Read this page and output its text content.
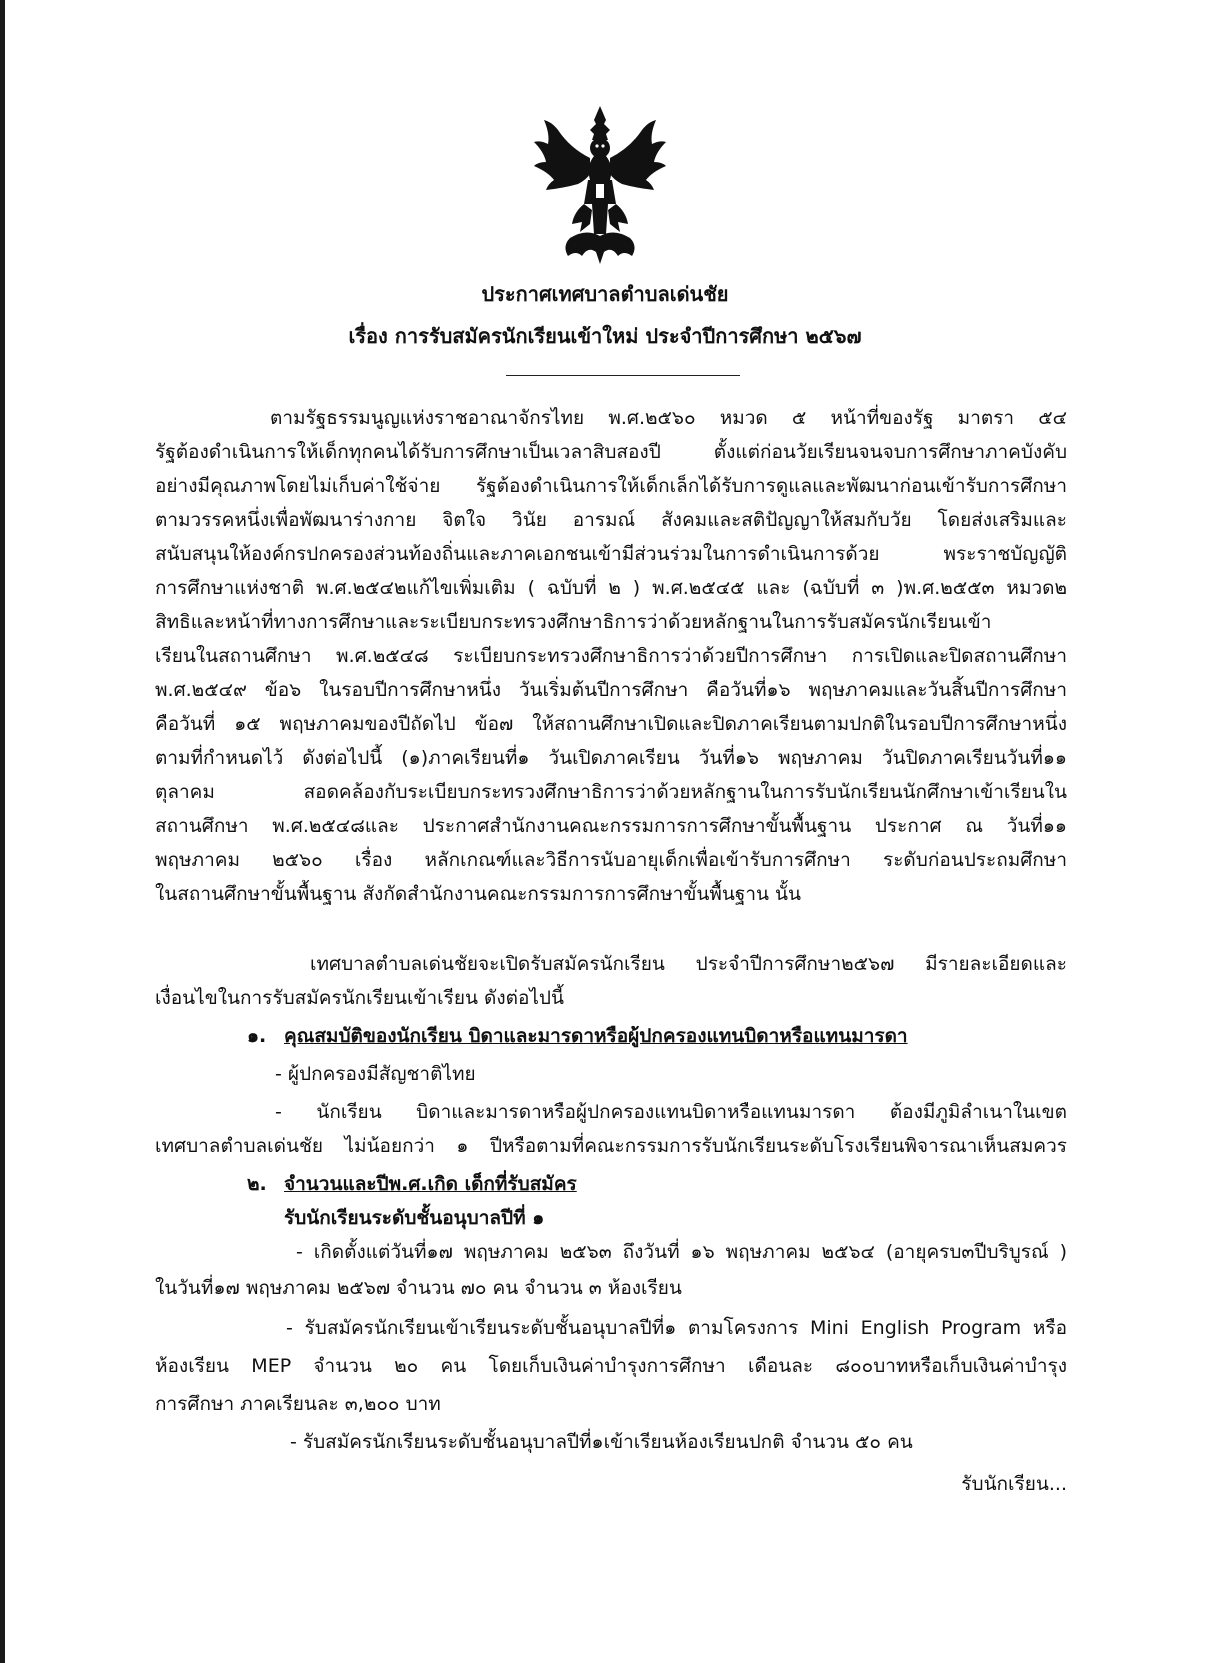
ประกาศเทศบาลตำบลเด่นชัย
เรื่อง การรับสมัครนักเรียนเข้าใหม่ ประจำปีการศึกษา ๒๕๖๗
ตามรัฐธรรมนูญแห่งราชอาณาจักรไทย พ.ศ.๒๕๖๐ หมวด ๕ หน้าที่ของรัฐ มาตรา ๕๔
รัฐต้องดำเนินการให้เด็กทุกคนได้รับการศึกษาเป็นเวลาสิบสองปี ตั้งแต่ก่อนวัยเรียนจนจบการศึกษาภาคบังคับ
อย่างมีคุณภาพโดยไม่เก็บค่าใช้จ่าย รัฐต้องดำเนินการให้เด็กเล็กได้รับการดูแลและพัฒนาก่อนเข้ารับการศึกษา
ตามวรรคหนึ่งเพื่อพัฒนาร่างกาย จิตใจ วินัย อารมณ์ สังคมและสติปัญญาให้สมกับวัย โดยส่งเสริมและ
สนับสนุนให้องค์กรปกครองส่วนท้องถิ่นและภาคเอกชนเข้ามีส่วนร่วมในการดำเนินการด้วย พระราชบัญญัติ
การศึกษาแห่งชาติ พ.ศ.๒๕๔๒แก้ไขเพิ่มเติม ( ฉบับที่ ๒ ) พ.ศ.๒๕๔๕ และ (ฉบับที่ ๓ )พ.ศ.๒๕๕๓ หมวด๒
สิทธิและหน้าที่ทางการศึกษาและระเบียบกระทรวงศึกษาธิการว่าด้วยหลักฐานในการรับสมัครนักเรียนเข้า
เรียนในสถานศึกษา พ.ศ.๒๕๔๘ ระเบียบกระทรวงศึกษาธิการว่าด้วยปีการศึกษา การเปิดและปิดสถานศึกษา
พ.ศ.๒๕๔๙ ข้อ๖ ในรอบปีการศึกษาหนึ่ง วันเริ่มต้นปีการศึกษา คือวันที่๑๖ พฤษภาคมและวันสิ้นปีการศึกษา
คือวันที่ ๑๕ พฤษภาคมของปีถัดไป ข้อ๗ ให้สถานศึกษาเปิดและปิดภาคเรียนตามปกติในรอบปีการศึกษาหนึ่ง
ตามที่กำหนดไว้ ดังต่อไปนี้ (๑)ภาคเรียนที่๑ วันเปิดภาคเรียน วันที่๑๖ พฤษภาคม วันปิดภาคเรียนวันที่๑๑
ตุลาคม สอดคล้องกับระเบียบกระทรวงศึกษาธิการว่าด้วยหลักฐานในการรับนักเรียนนักศึกษาเข้าเรียนใน
สถานศึกษา พ.ศ.๒๕๔๘และ ประกาศสำนักงานคณะกรรมการการศึกษาขั้นพื้นฐาน ประกาศ ณ วันที่๑๑
พฤษภาคม ๒๕๖๐ เรื่อง หลักเกณฑ์และวิธีการนับอายุเด็กเพื่อเข้ารับการศึกษา ระดับก่อนประถมศึกษา
ในสถานศึกษาขั้นพื้นฐาน สังกัดสำนักงานคณะกรรมการการศึกษาขั้นพื้นฐาน นั้น
เทศบาลตำบลเด่นชัยจะเปิดรับสมัครนักเรียน ประจำปีการศึกษา๒๕๖๗ มีรายละเอียดและ
เงื่อนไขในการรับสมัครนักเรียนเข้าเรียน ดังต่อไปนี้
๑. คุณสมบัติของนักเรียน บิดาและมารดาหรือผู้ปกครองแทนบิดาหรือแทนมารดา
- ผู้ปกครองมีสัญชาติไทย
- นักเรียน บิดาและมารดาหรือผู้ปกครองแทนบิดาหรือแทนมารดา ต้องมีภูมิลำเนาในเขต
เทศบาลตำบลเด่นชัย ไม่น้อยกว่า ๑ ปีหรือตามที่คณะกรรมการรับนักเรียนระดับโรงเรียนพิจารณาเห็นสมควร
๒. จำนวนและปีพ.ศ.เกิด เด็กที่รับสมัคร
รับนักเรียนระดับชั้นอนุบาลปีที่ ๑
- เกิดตั้งแต่วันที่๑๗ พฤษภาคม ๒๕๖๓ ถึงวันที่ ๑๖ พฤษภาคม ๒๕๖๔ (อายุครบ๓ปีบริบูรณ์ )
ในวันที่๑๗ พฤษภาคม ๒๕๖๗ จำนวน ๗๐ คน จำนวน ๓ ห้องเรียน
- รับสมัครนักเรียนเข้าเรียนระดับชั้นอนุบาลปีที่๑ ตามโครงการ Mini English Program หรือ
ห้องเรียน MEP จำนวน ๒๐ คน โดยเก็บเงินค่าบำรุงการศึกษา เดือนละ ๘๐๐บาทหรือเก็บเงินค่าบำรุง
การศึกษา ภาคเรียนละ ๓,๒๐๐ บาท
- รับสมัครนักเรียนระดับชั้นอนุบาลปีที่๑เข้าเรียนห้องเรียนปกติ จำนวน ๕๐ คน
รับนักเรียน...
